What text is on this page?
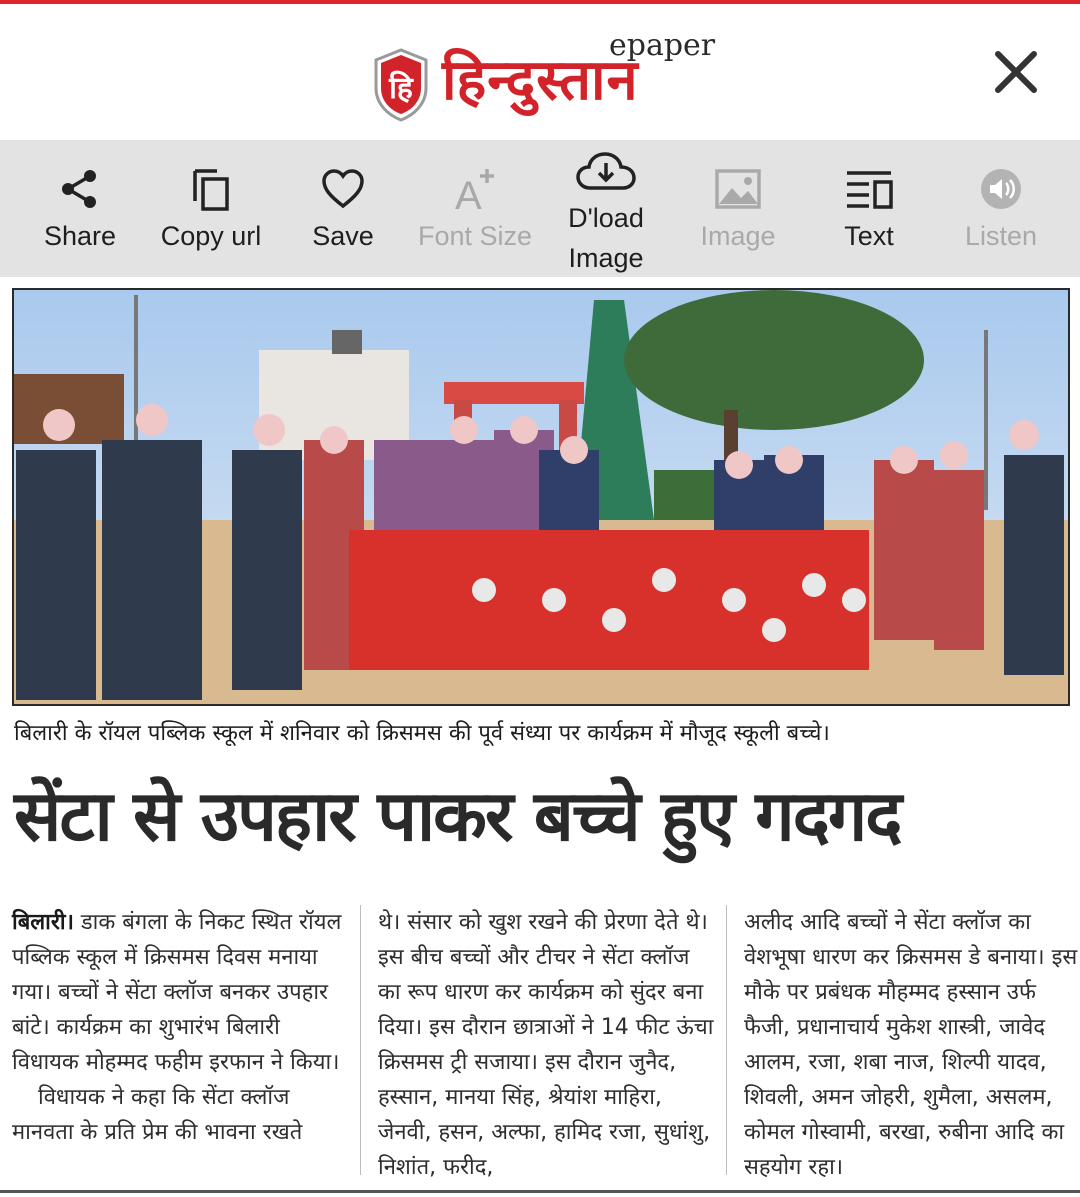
हि
epaper
हिन्दुस्तान
Share	Copy url	Save
A
Font Size
D'load
Image
Image	Text	Listen
बिलारी के रॉयल पब्लिक स्कूल में शनिवार को क्रिसमस की पूर्व संध्या पर कार्यक्रम में मौजूद स्कूली बच्चे।
सेंटा से उपहार पाकर बच्चे हुए गदगद

बिलारी। डाक बंगला के निकट स्थित रॉयल पब्लिक स्कूल में क्रिसमस दिवस मनाया गया। बच्चों ने सेंटा क्लॉज बनकर उपहार बांटे। कार्यक्रम का शुभारंभ बिलारी विधायक मोहम्मद फहीम इरफान ने किया।

विधायक ने कहा कि सेंटा क्लॉज मानवता के प्रति प्रेम की भावना रखते

थे। संसार को खुश रखने की प्रेरणा देते थे। इस बीच बच्चों और टीचर ने सेंटा क्लॉज का रूप धारण कर कार्यक्रम को सुंदर बना दिया। इस दौरान छात्राओं ने 14 फीट ऊंचा क्रिसमस ट्री सजाया। इस दौरान जुनैद, हस्सान, मानया सिंह, श्रेयांश माहिरा, जेनवी, हसन, अल्फा, हामिद रजा, सुधांशु, निशांत, फरीद,

अलीद आदि बच्चों ने सेंटा क्लॉज का वेशभूषा धारण कर क्रिसमस डे बनाया। इस मौके पर प्रबंधक मौहम्मद हस्सान उर्फ फैजी, प्रधानाचार्य मुकेश शास्त्री, जावेद आलम, रजा, शबा नाज, शिल्पी यादव, शिवली, अमन जोहरी, शुमैला, असलम, कोमल गोस्वामी, बरखा, रुबीना आदि का सहयोग रहा।
